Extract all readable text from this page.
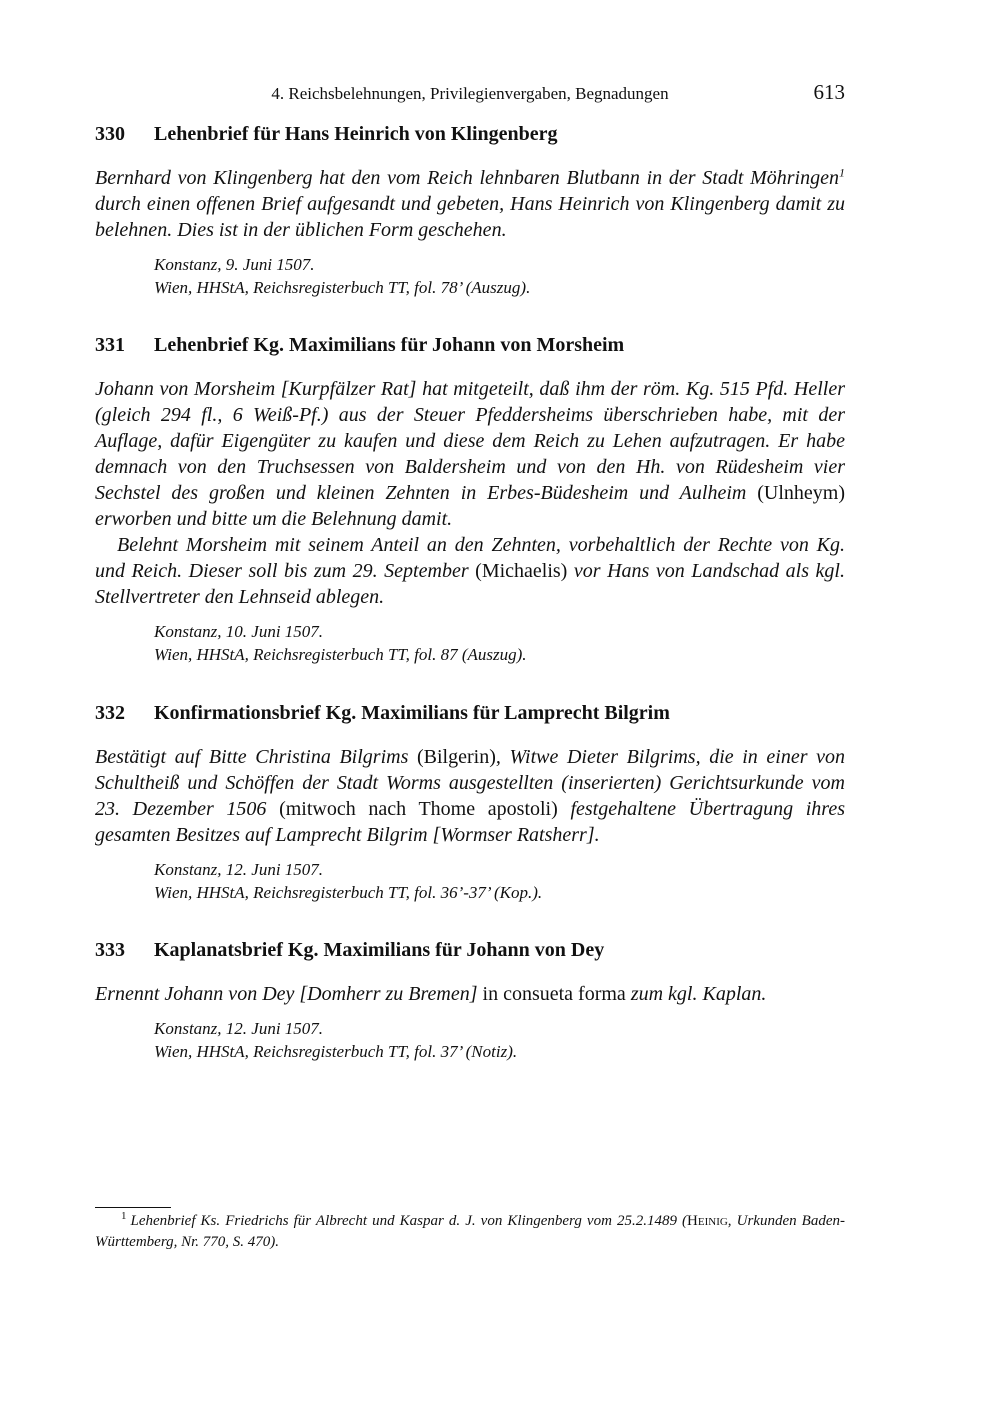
4. Reichsbelehnungen, Privilegienvergaben, Begnadungen	613
330	Lehenbrief für Hans Heinrich von Klingenberg

Bernhard von Klingenberg hat den vom Reich lehnbaren Blutbann in der Stadt Möhringen$^1$ durch einen offenen Brief aufgesandt und gebeten, Hans Heinrich von Klingenberg damit zu belehnen. Dies ist in der üblichen Form geschehen.

Konstanz, 9. Juni 1507.
Wien, HHStA, Reichsregisterbuch TT, fol. 78’ (Auszug).
331	Lehenbrief Kg. Maximilians für Johann von Morsheim

Johann von Morsheim [Kurpfälzer Rat] hat mitgeteilt, daß ihm der röm. Kg. 515 Pfd. Heller (gleich 294 fl., 6 Weiß-Pf.) aus der Steuer Pfeddersheims überschrieben habe, mit der Auflage, dafür Eigengüter zu kaufen und diese dem Reich zu Lehen aufzutragen. Er habe demnach von den Truchsessen von Baldersheim und von den Hh. von Rüdesheim vier Sechstel des großen und kleinen Zehnten in Erbes-Büdesheim und Aulheim (Ulnheym) erworben und bitte um die Belehnung damit.

Belehnt Morsheim mit seinem Anteil an den Zehnten, vorbehaltlich der Rechte von Kg. und Reich. Dieser soll bis zum 29. September (Michaelis) vor Hans von Landschad als kgl. Stellvertreter den Lehnseid ablegen.

Konstanz, 10. Juni 1507.
Wien, HHStA, Reichsregisterbuch TT, fol. 87 (Auszug).
332	Konfirmationsbrief Kg. Maximilians für Lamprecht Bilgrim

Bestätigt auf Bitte Christina Bilgrims (Bilgerin), Witwe Dieter Bilgrims, die in einer von Schultheiß und Schöffen der Stadt Worms ausgestellten (inserierten) Gerichtsurkunde vom 23. Dezember 1506 (mitwoch nach Thome apostoli) festgehaltene Übertragung ihres gesamten Besitzes auf Lamprecht Bilgrim [Wormser Ratsherr].

Konstanz, 12. Juni 1507.
Wien, HHStA, Reichsregisterbuch TT, fol. 36’-37’ (Kop.).
333	Kaplanatsbrief Kg. Maximilians für Johann von Dey

Ernennt Johann von Dey [Domherr zu Bremen] in consueta forma zum kgl. Kaplan.

Konstanz, 12. Juni 1507.
Wien, HHStA, Reichsregisterbuch TT, fol. 37’ (Notiz).
$^1$ Lehenbrief Ks. Friedrichs für Albrecht und Kaspar d. J. von Klingenberg vom 25.2.1489 (Heinig, Urkunden Baden-Württemberg, Nr. 770, S. 470).
